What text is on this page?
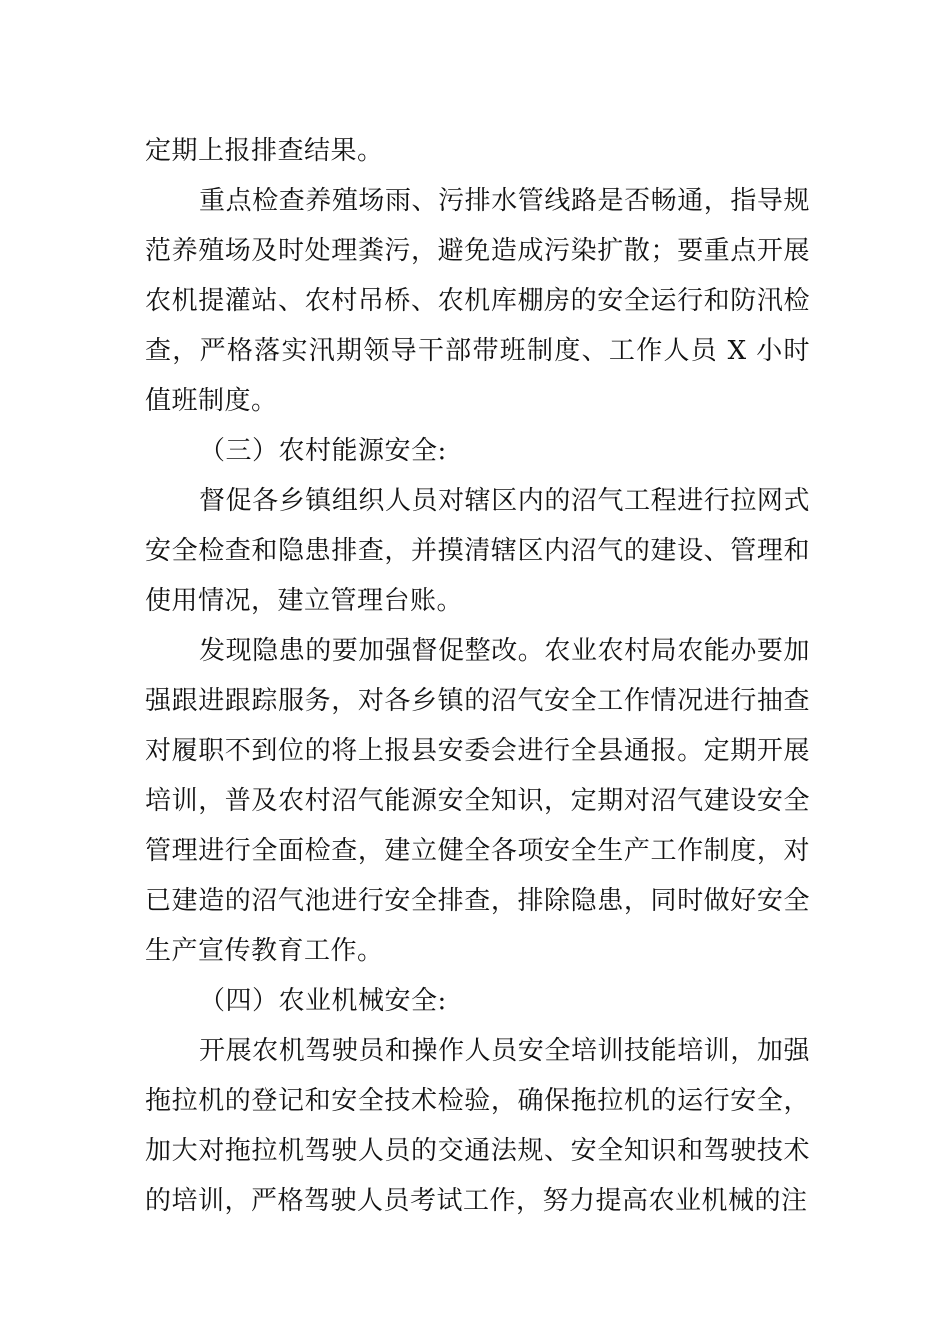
定期上报排查结果。

重点检查养殖场雨、污排水管线路是否畅通，指导规范养殖场及时处理粪污，避免造成污染扩散；要重点开展农机提灌站、农村吊桥、农机库棚房的安全运行和防汛检查，严格落实汛期领导干部带班制度、工作人员 X 小时值班制度。

（三）农村能源安全:

督促各乡镇组织人员对辖区内的沼气工程进行拉网式安全检查和隐患排查，并摸清辖区内沼气的建设、管理和使用情况，建立管理台账。

发现隐患的要加强督促整改。农业农村局农能办要加强跟进跟踪服务，对各乡镇的沼气安全工作情况进行抽查对履职不到位的将上报县安委会进行全县通报。定期开展培训，普及农村沼气能源安全知识，定期对沼气建设安全管理进行全面检查，建立健全各项安全生产工作制度，对已建造的沼气池进行安全排查，排除隐患，同时做好安全生产宣传教育工作。

（四）农业机械安全:

开展农机驾驶员和操作人员安全培训技能培训，加强拖拉机的登记和安全技术检验，确保拖拉机的运行安全，加大对拖拉机驾驶人员的交通法规、安全知识和驾驶技术的培训，严格驾驶人员考试工作，努力提高农业机械的注
